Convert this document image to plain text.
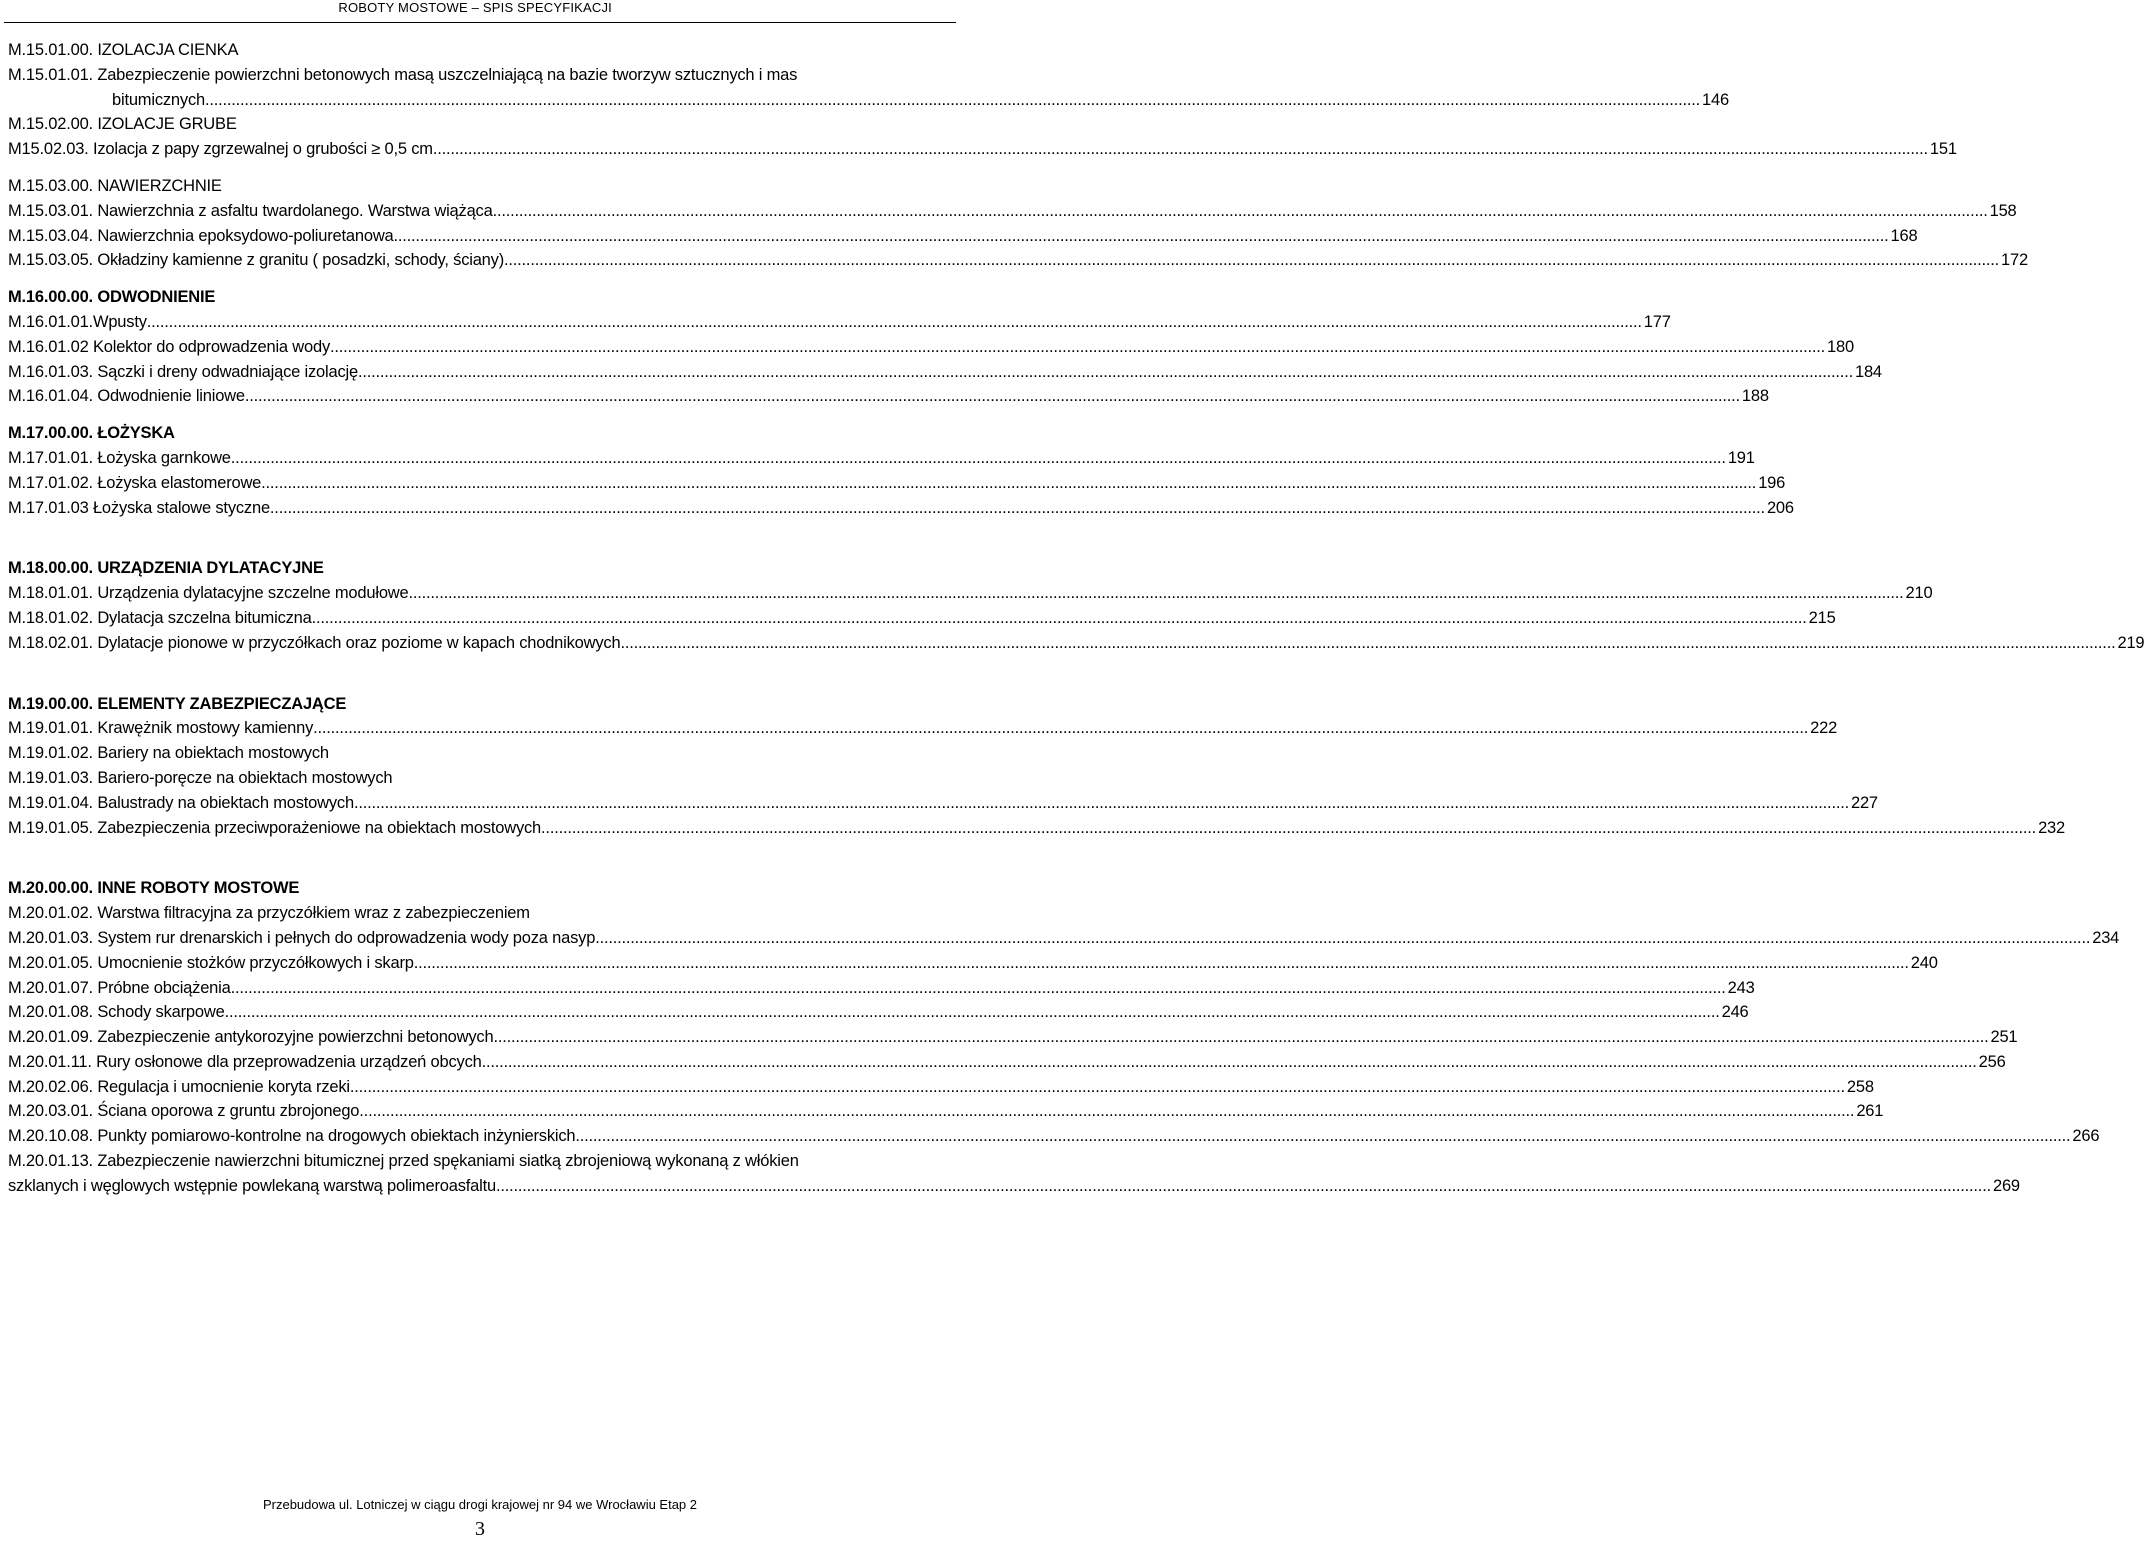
ROBOTY MOSTOWE – SPIS SPECYFIKACJI
M.15.01.00. IZOLACJA CIENKA
M.15.01.01. Zabezpieczenie powierzchni betonowych masą uszczelniającą na bazie tworzyw sztucznych i mas
bitumicznych .....	146
M.15.02.00. IZOLACJE GRUBE
M15.02.03. Izolacja z papy zgrzewalnej o grubości ≥ 0,5 cm .....	151
M.15.03.00. NAWIERZCHNIE
M.15.03.01. Nawierzchnia z asfaltu twardolanego. Warstwa wiążąca .....	158
M.15.03.04. Nawierzchnia epoksydowo-poliuretanowa .....	168
M.15.03.05. Okładziny kamienne z granitu ( posadzki, schody, ściany) .....	172
M.16.00.00. ODWODNIENIE
M.16.01.01.Wpusty .....	177
M.16.01.02 Kolektor do odprowadzenia wody .....	180
M.16.01.03. Sączki i dreny odwadniające izolację .....	184
M.16.01.04. Odwodnienie liniowe .....	188
M.17.00.00. ŁOŻYSKA
M.17.01.01. Łożyska garnkowe .....	191
M.17.01.02. Łożyska elastomerowe .....	196
M.17.01.03 Łożyska stalowe styczne .....	206
M.18.00.00. URZĄDZENIA DYLATACYJNE
M.18.01.01. Urządzenia dylatacyjne szczelne modułowe .....	210
M.18.01.02. Dylatacja szczelna bitumiczna .....	215
M.18.02.01. Dylatacje pionowe w przyczółkach oraz poziome w kapach chodnikowych .....	219
M.19.00.00. ELEMENTY ZABEZPIECZAJĄCE
M.19.01.01. Krawężnik mostowy kamienny .....	222
M.19.01.02. Bariery na obiektach mostowych
M.19.01.03. Bariero-poręcze na obiektach mostowych
M.19.01.04. Balustrady na obiektach mostowych .....	227
M.19.01.05. Zabezpieczenia przeciwporażeniowe na obiektach mostowych .....	232
M.20.00.00. INNE ROBOTY MOSTOWE
M.20.01.02. Warstwa filtracyjna za przyczółkiem wraz z zabezpieczeniem
M.20.01.03. System rur drenarskich i pełnych do odprowadzenia wody poza nasyp .....	234
M.20.01.05. Umocnienie stożków przyczółkowych i skarp .....	240
M.20.01.07. Próbne obciążenia .....	243
M.20.01.08. Schody skarpowe .....	246
M.20.01.09. Zabezpieczenie antykorozyjne powierzchni betonowych .....	251
M.20.01.11. Rury osłonowe dla przeprowadzenia urządzeń obcych .....	256
M.20.02.06. Regulacja i umocnienie koryta rzeki .....	258
M.20.03.01. Ściana oporowa z gruntu zbrojonego .....	261
M.20.10.08. Punkty pomiarowo-kontrolne na drogowych obiektach inżynierskich .....	266
M.20.01.13. Zabezpieczenie nawierzchni bitumicznej przed spękaniami siatką zbrojeniową wykonaną z włókien
szklanych i węglowych wstępnie powlekaną warstwą polimeroasfaltu .....	269
Przebudowa ul. Lotniczej w ciągu drogi krajowej nr 94 we Wrocławiu Etap 2
3
